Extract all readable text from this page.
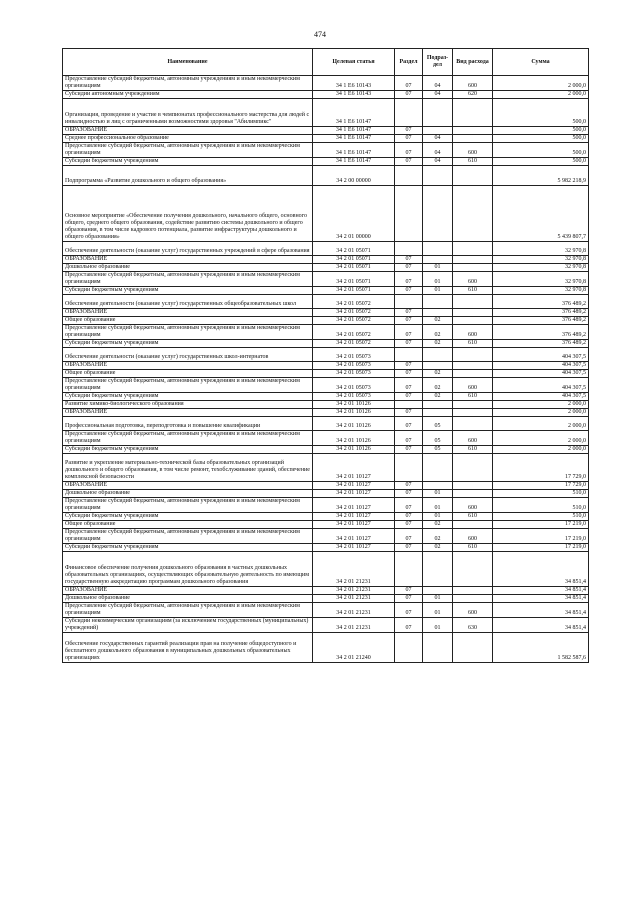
474
Наименование	Целевая статья	Раздел	Подраз-дел	Вид расхода	Сумма
Предоставление субсидий бюджетным, автономным учреждениям и иным некоммерческим организациям	34 1 Е6 10143	07	04	600	2 000,0
Субсидии автономным учреждениям	34 1 Е6 10143	07	04	620	2 000,0
Организация, проведение и участие в чемпионатах профессионального мастерства для людей с инвалидностью и лиц с ограниченными возможностями здоровья "Абилимпикс"	34 1 Е6 10147				500,0
ОБРАЗОВАНИЕ	34 1 Е6 10147	07			500,0
Среднее профессиональное образование	34 1 Е6 10147	07	04		500,0
Предоставление субсидий бюджетным, автономным учреждениям и иным некоммерческим организациям	34 1 Е6 10147	07	04	600	500,0
Субсидии бюджетным учреждениям	34 1 Е6 10147	07	04	610	500,0
Подпрограмма «Развитие дошкольного и общего образования»	34 2 00 00000				5 982 218,9
Основное мероприятие «Обеспечение получения дошкольного, начального общего, основного общего, среднего общего образования, содействие развитию системы дошкольного и общего образования, в том числе кадрового потенциала, развитие инфраструктуры дошкольного и общего образования»	34 2 01 00000				5 439 807,7
Обеспечение деятельности (оказание услуг) государственных учреждений в сфере образования	34 2 01 05071				32 970,8
ОБРАЗОВАНИЕ	34 2 01 05071	07			32 970,8
Дошкольное образование	34 2 01 05071	07	01		32 970,8
Предоставление субсидий бюджетным, автономным учреждениям и иным некоммерческим организациям	34 2 01 05071	07	01	600	32 970,8
Субсидии бюджетным учреждениям	34 2 01 05071	07	01	610	32 970,8
Обеспечение деятельности (оказание услуг) государственных общеобразовательных школ	34 2 01 05072				376 489,2
ОБРАЗОВАНИЕ	34 2 01 05072	07			376 489,2
Общее образование	34 2 01 05072	07	02		376 489,2
Предоставление субсидий бюджетным, автономным учреждениям и иным некоммерческим организациям	34 2 01 05072	07	02	600	376 489,2
Субсидии бюджетным учреждениям	34 2 01 05072	07	02	610	376 489,2
Обеспечение деятельности (оказание услуг) государственных школ-интернатов	34 2 01 05073				404 307,5
ОБРАЗОВАНИЕ	34 2 01 05073	07			404 307,5
Общее образование	34 2 01 05073	07	02		404 307,5
Предоставление субсидий бюджетным, автономным учреждениям и иным некоммерческим организациям	34 2 01 05073	07	02	600	404 307,5
Субсидии бюджетным учреждениям	34 2 01 05073	07	02	610	404 307,5
Развитие химико-биологического образования	34 2 01 10126				2 000,0
ОБРАЗОВАНИЕ	34 2 01 10126	07			2 000,0
Профессиональная подготовка, переподготовка и повышение квалификации	34 2 01 10126	07	05		2 000,0
Предоставление субсидий бюджетным, автономным учреждениям и иным некоммерческим организациям	34 2 01 10126	07	05	600	2 000,0
Субсидии бюджетным учреждениям	34 2 01 10126	07	05	610	2 000,0
Развитие и укрепление материально-технической базы образовательных организаций дошкольного и общего образования, в том числе ремонт, техобслуживание зданий, обеспечение комплексной безопасности	34 2 01 10127				17 729,0
ОБРАЗОВАНИЕ	34 2 01 10127	07			17 729,0
Дошкольное образование	34 2 01 10127	07	01		510,0
Предоставление субсидий бюджетным, автономным учреждениям и иным некоммерческим организациям	34 2 01 10127	07	01	600	510,0
Субсидии бюджетным учреждениям	34 2 01 10127	07	01	610	510,0
Общее образование	34 2 01 10127	07	02		17 219,0
Предоставление субсидий бюджетным, автономным учреждениям и иным некоммерческим организациям	34 2 01 10127	07	02	600	17 219,0
Субсидии бюджетным учреждениям	34 2 01 10127	07	02	610	17 219,0
Финансовое обеспечение получения дошкольного образования в частных дошкольных образовательных организациях, осуществляющих образовательную деятельность по имеющим государственную аккредитацию программам дошкольного образования	34 2 01 21231				34 851,4
ОБРАЗОВАНИЕ	34 2 01 21231	07			34 851,4
Дошкольное образование	34 2 01 21231	07	01		34 851,4
Предоставление субсидий бюджетным, автономным учреждениям и иным некоммерческим организациям	34 2 01 21231	07	01	600	34 851,4
Субсидии некоммерческим организациям (за исключением государственных (муниципальных) учреждений)	34 2 01 21231	07	01	630	34 851,4
Обеспечение государственных гарантий реализации прав на получение общедоступного и бесплатного дошкольного образования в муниципальных дошкольных образовательных организациях	34 2 01 21240				1 582 587,6
